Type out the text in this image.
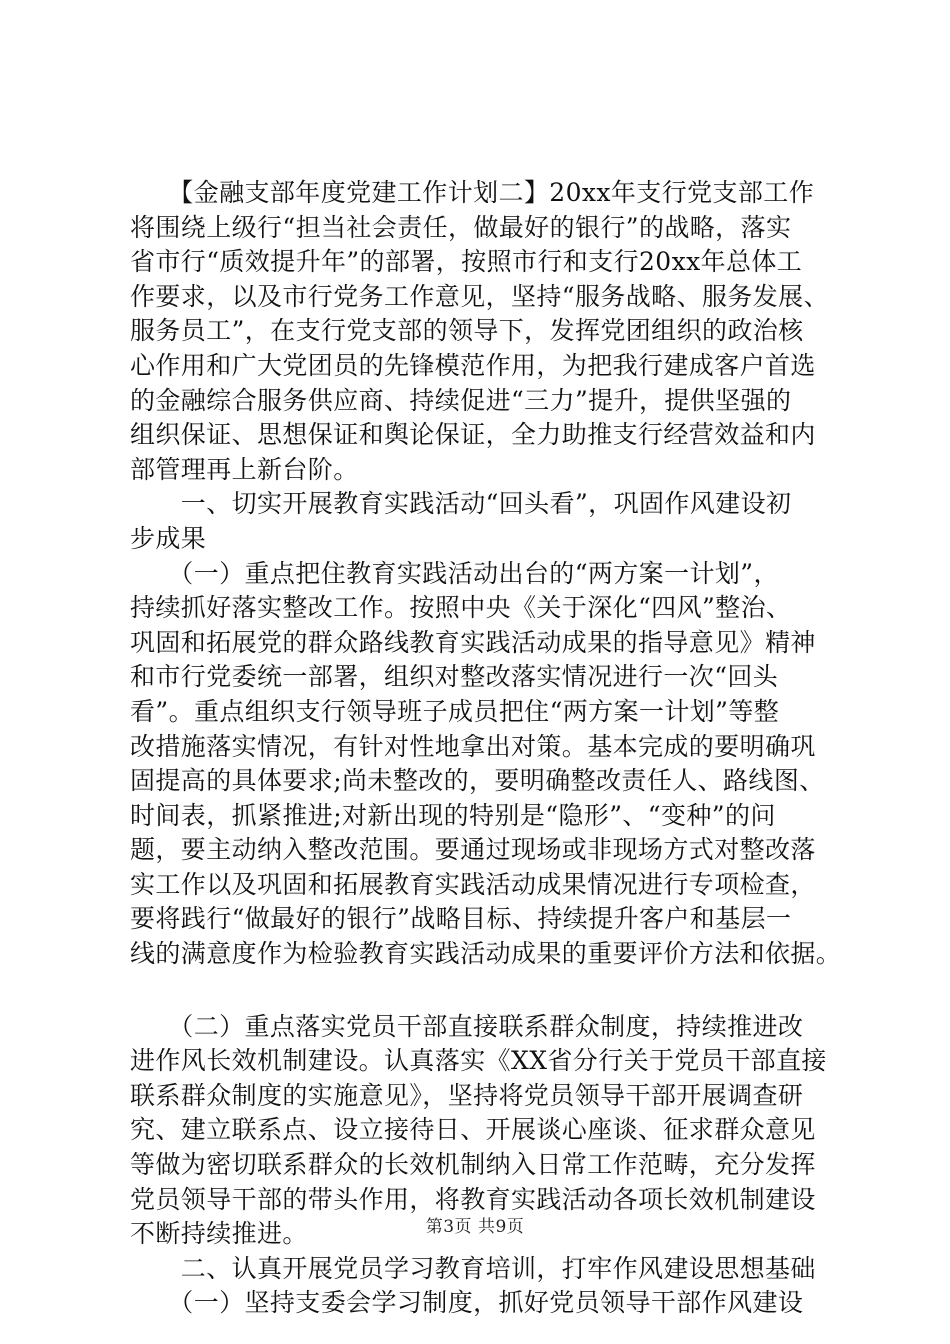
　　【金融支部年度党建工作计划二】20xx年支行党支部工作
将围绕上级行“担当社会责任，做最好的银行”的战略，落实
省市行“质效提升年”的部署，按照市行和支行20xx年总体工
作要求，以及市行党务工作意见，坚持“服务战略、服务发展、
服务员工”，在支行党支部的领导下，发挥党团组织的政治核
心作用和广大党团员的先锋模范作用，为把我行建成客户首选
的金融综合服务供应商、持续促进“三力”提升，提供坚强的
组织保证、思想保证和舆论保证，全力助推支行经营效益和内
部管理再上新台阶。
　　一、切实开展教育实践活动“回头看”，巩固作风建设初
步成果
　　（一）重点把住教育实践活动出台的“两方案一计划”，
持续抓好落实整改工作。按照中央《关于深化“四风”整治、
巩固和拓展党的群众路线教育实践活动成果的指导意见》精神
和市行党委统一部署，组织对整改落实情况进行一次“回头
看”。重点组织支行领导班子成员把住“两方案一计划”等整
改措施落实情况，有针对性地拿出对策。基本完成的要明确巩
固提高的具体要求;尚未整改的，要明确整改责任人、路线图、
时间表，抓紧推进;对新出现的特别是“隐形”、“变种”的问
题，要主动纳入整改范围。要通过现场或非现场方式对整改落
实工作以及巩固和拓展教育实践活动成果情况进行专项检查，
要将践行“做最好的银行”战略目标、持续提升客户和基层一
线的满意度作为检验教育实践活动成果的重要评价方法和依据。
　　（二）重点落实党员干部直接联系群众制度，持续推进改
进作风长效机制建设。认真落实《XX省分行关于党员干部直接
联系群众制度的实施意见》，坚持将党员领导干部开展调查研
究、建立联系点、设立接待日、开展谈心座谈、征求群众意见
等做为密切联系群众的长效机制纳入日常工作范畴，充分发挥
党员领导干部的带头作用，将教育实践活动各项长效机制建设
不断持续推进。
　　二、认真开展党员学习教育培训，打牢作风建设思想基础
　　（一）坚持支委会学习制度，抓好党员领导干部作风建设
第3页 共9页
